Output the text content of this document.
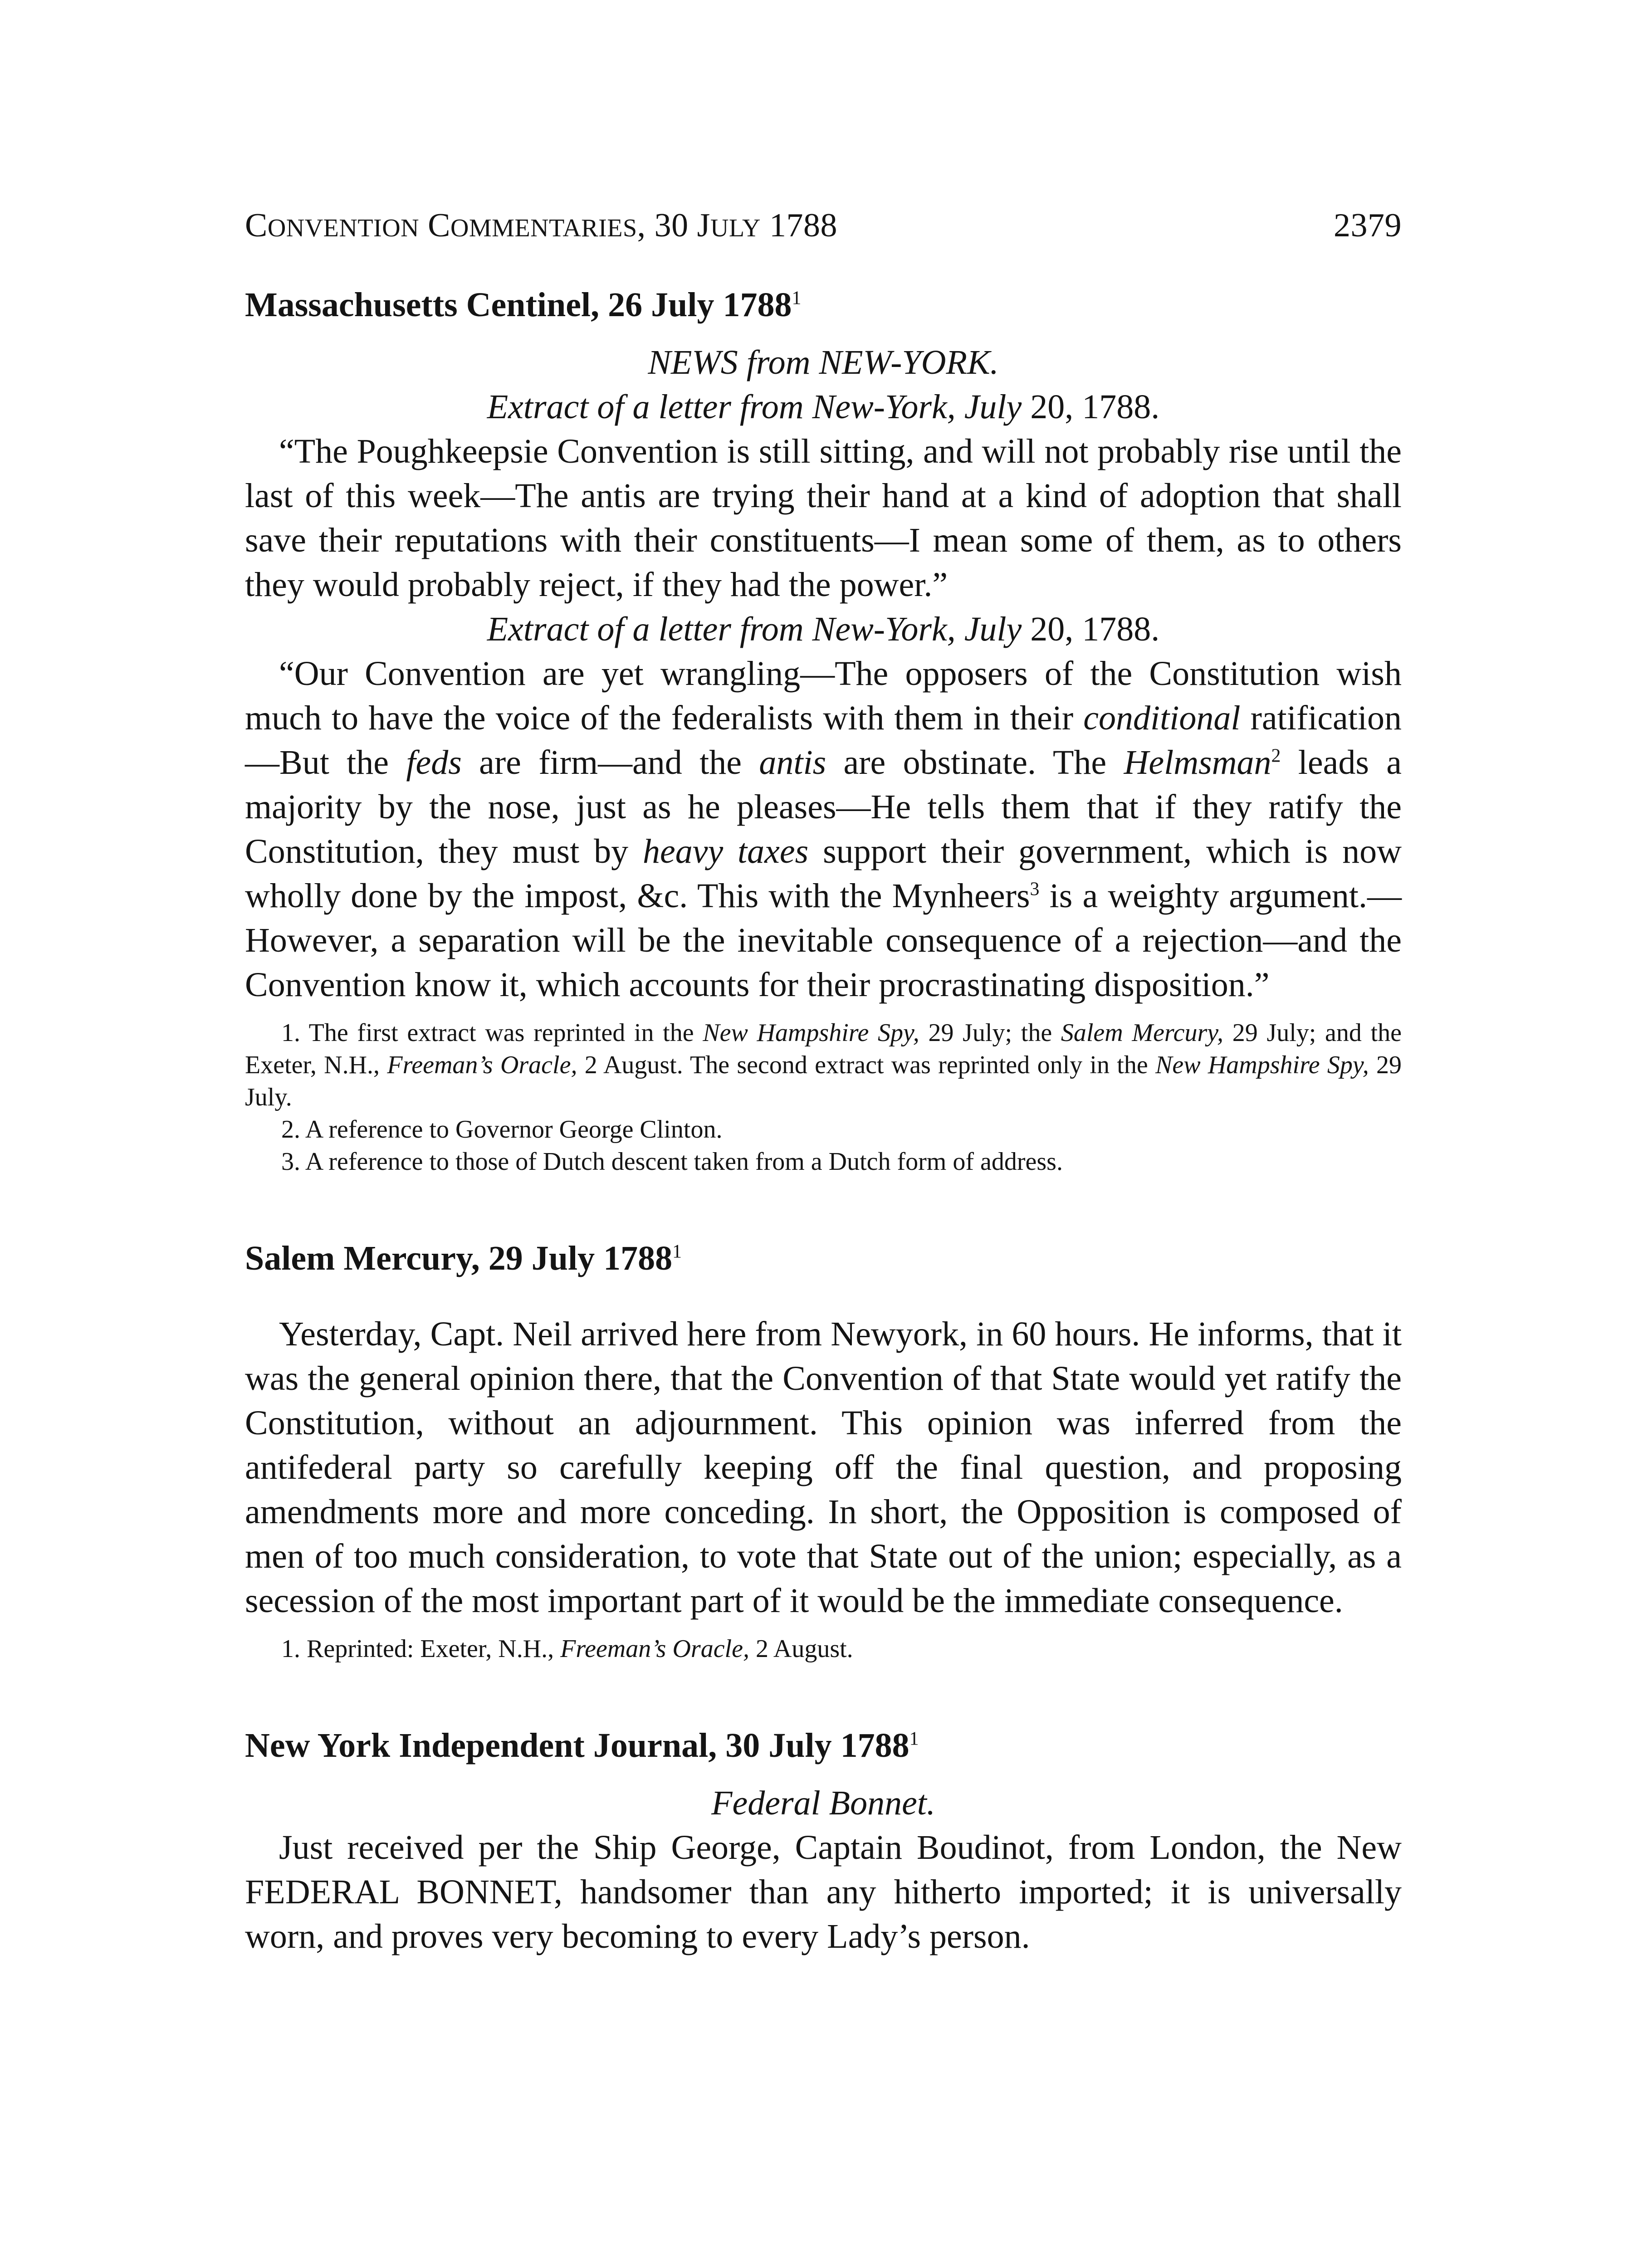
CONVENTION COMMENTARIES, 30 JULY 1788	2379
Massachusetts Centinel, 26 July 1788$^1$
NEWS from NEW-YORK.
Extract of a letter from New-York, July 20, 1788.

“The Poughkeepsie Convention is still sitting, and will not probably rise until the last of this week—The antis are trying their hand at a kind of adoption that shall save their reputations with their constituents—I mean some of them, as to others they would probably reject, if they had the power.”

Extract of a letter from New-York, July 20, 1788.

“Our Convention are yet wrangling—The opposers of the Constitution wish much to have the voice of the federalists with them in their conditional ratification—But the feds are firm—and the antis are obstinate. The Helmsman$^2$ leads a majority by the nose, just as he pleases—He tells them that if they ratify the Constitution, they must by heavy taxes support their government, which is now wholly done by the impost, &c. This with the Mynheers$^3$ is a weighty argument.—However, a separation will be the inevitable consequence of a rejection—and the Convention know it, which accounts for their procrastinating disposition.”

1. The first extract was reprinted in the New Hampshire Spy, 29 July; the Salem Mercury, 29 July; and the Exeter, N.H., Freeman’s Oracle, 2 August. The second extract was reprinted only in the New Hampshire Spy, 29 July.

2. A reference to Governor George Clinton.

3. A reference to those of Dutch descent taken from a Dutch form of address.

Salem Mercury, 29 July 1788$^1$

Yesterday, Capt. Neil arrived here from Newyork, in 60 hours. He informs, that it was the general opinion there, that the Convention of that State would yet ratify the Constitution, without an adjournment. This opinion was inferred from the antifederal party so carefully keeping off the final question, and proposing amendments more and more conceding. In short, the Opposition is composed of men of too much consideration, to vote that State out of the union; especially, as a secession of the most important part of it would be the immediate consequence.

1. Reprinted: Exeter, N.H., Freeman’s Oracle, 2 August.

New York Independent Journal, 30 July 1788$^1$
Federal Bonnet.

Just received per the Ship George, Captain Boudinot, from London, the New FEDERAL BONNET, handsomer than any hitherto imported; it is universally worn, and proves very becoming to every Lady’s person.
